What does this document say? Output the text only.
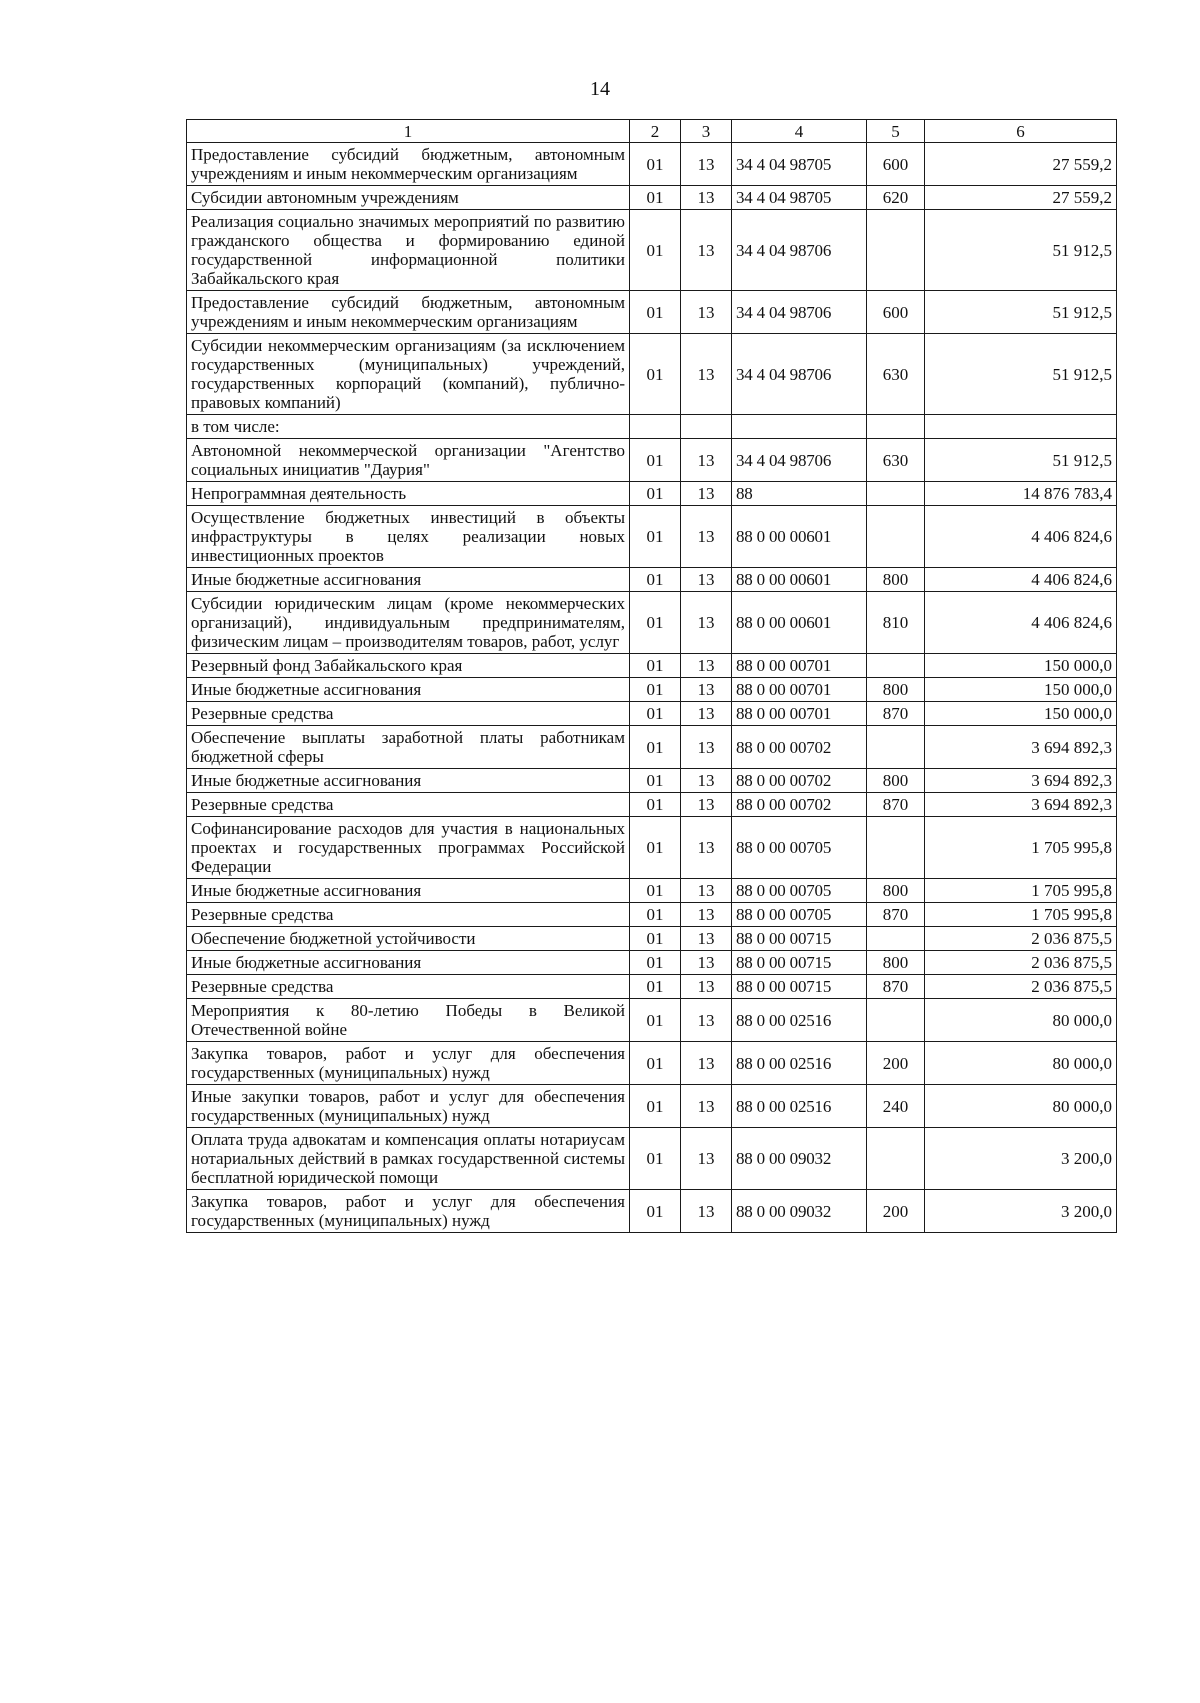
14
1	2	3	4	5	6
Предоставление субсидий бюджетным, автономным учреждениям и иным некоммерческим организациям	01	13	34 4 04 98705	600	27 559,2
Субсидии автономным учреждениям	01	13	34 4 04 98705	620	27 559,2
Реализация социально значимых мероприятий по развитию гражданского общества и формированию единой государственной информационной политики Забайкальского края	01	13	34 4 04 98706		51 912,5
Предоставление субсидий бюджетным, автономным учреждениям и иным некоммерческим организациям	01	13	34 4 04 98706	600	51 912,5
Субсидии некоммерческим организациям (за исключением государственных (муниципальных) учреждений, государственных корпораций (компаний), публично-правовых компаний)	01	13	34 4 04 98706	630	51 912,5
в том числе:					
Автономной некоммерческой организации "Агентство социальных инициатив "Даурия"	01	13	34 4 04 98706	630	51 912,5
Непрограммная деятельность	01	13	88		14 876 783,4
Осуществление бюджетных инвестиций в объекты инфраструктуры в целях реализации новых инвестиционных проектов	01	13	88 0 00 00601		4 406 824,6
Иные бюджетные ассигнования	01	13	88 0 00 00601	800	4 406 824,6
Субсидии юридическим лицам (кроме некоммерческих организаций), индивидуальным предпринимателям, физическим лицам – производителям товаров, работ, услуг	01	13	88 0 00 00601	810	4 406 824,6
Резервный фонд Забайкальского края	01	13	88 0 00 00701		150 000,0
Иные бюджетные ассигнования	01	13	88 0 00 00701	800	150 000,0
Резервные средства	01	13	88 0 00 00701	870	150 000,0
Обеспечение выплаты заработной платы работникам бюджетной сферы	01	13	88 0 00 00702		3 694 892,3
Иные бюджетные ассигнования	01	13	88 0 00 00702	800	3 694 892,3
Резервные средства	01	13	88 0 00 00702	870	3 694 892,3
Софинансирование расходов для участия в национальных проектах и государственных программах Российской Федерации	01	13	88 0 00 00705		1 705 995,8
Иные бюджетные ассигнования	01	13	88 0 00 00705	800	1 705 995,8
Резервные средства	01	13	88 0 00 00705	870	1 705 995,8
Обеспечение бюджетной устойчивости	01	13	88 0 00 00715		2 036 875,5
Иные бюджетные ассигнования	01	13	88 0 00 00715	800	2 036 875,5
Резервные средства	01	13	88 0 00 00715	870	2 036 875,5
Мероприятия к 80-летию Победы в Великой Отечественной войне	01	13	88 0 00 02516		80 000,0
Закупка товаров, работ и услуг для обеспечения государственных (муниципальных) нужд	01	13	88 0 00 02516	200	80 000,0
Иные закупки товаров, работ и услуг для обеспечения государственных (муниципальных) нужд	01	13	88 0 00 02516	240	80 000,0
Оплата труда адвокатам и компенсация оплаты нотариусам нотариальных действий в рамках государственной системы бесплатной юридической помощи	01	13	88 0 00 09032		3 200,0
Закупка товаров, работ и услуг для обеспечения государственных (муниципальных) нужд	01	13	88 0 00 09032	200	3 200,0
